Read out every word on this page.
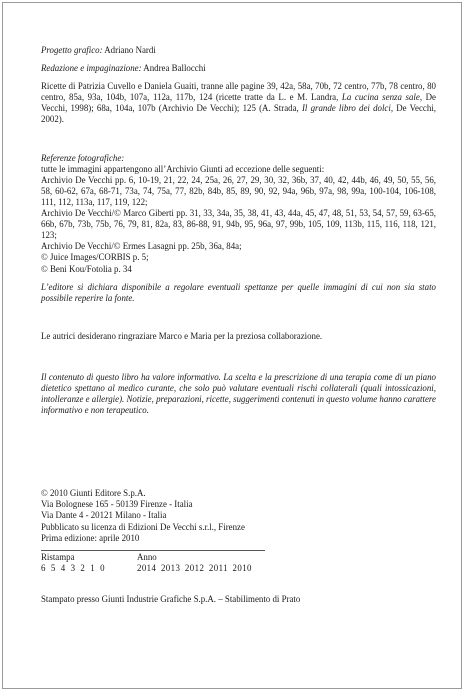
Progetto grafico: Adriano Nardi

Redazione e impaginazione: Andrea Ballocchi

Ricette di Patrizia Cuvello e Daniela Guaiti, tranne alle pagine 39, 42a, 58a, 70b, 72 centro, 77b, 78 centro, 80 centro, 85a, 93a, 104b, 107a, 112a, 117b, 124 (ricette tratte da L. e M. Landra, La cucina senza sale, De Vecchi, 1998); 68a, 104a, 107b (Archivio De Vecchi); 125 (A. Strada, Il grande libro dei dolci, De Vecchi, 2002).

Referenze fotografiche:

tutte le immagini appartengono all’Archivio Giunti ad eccezione delle seguenti:

Archivio De Vecchi pp. 6, 10-19, 21, 22, 24, 25a, 26, 27, 29, 30, 32, 36b, 37, 40, 42, 44b, 46, 49, 50, 55, 56, 58, 60-62, 67a, 68-71, 73a, 74, 75a, 77, 82b, 84b, 85, 89, 90, 92, 94a, 96b, 97a, 98, 99a, 100-104, 106-108, 111, 112, 113a, 117, 119, 122;

Archivio De Vecchi/© Marco Giberti pp. 31, 33, 34a, 35, 38, 41, 43, 44a, 45, 47, 48, 51, 53, 54, 57, 59, 63-65, 66b, 67b, 73b, 75b, 76, 79, 81, 82a, 83, 86-88, 91, 94b, 95, 96a, 97, 99b, 105, 109, 113b, 115, 116, 118, 121, 123;

Archivio De Vecchi/© Ermes Lasagni pp. 25b, 36a, 84a;

© Juice Images/CORBIS p. 5;

© Beni Kou/Fotolia p. 34

L’editore si dichiara disponibile a regolare eventuali spettanze per quelle immagini di cui non sia stato possibile reperire la fonte.

Le autrici desiderano ringraziare Marco e Maria per la preziosa collaborazione.

Il contenuto di questo libro ha valore informativo. La scelta e la prescrizione di una terapia come di un piano dietetico spettano al medico curante, che solo può valutare eventuali rischi collaterali (quali intossicazioni, intolleranze e allergie). Notizie, preparazioni, ricette, suggerimenti contenuti in questo volume hanno carattere informativo e non terapeutico.

© 2010 Giunti Editore S.p.A.

Via Bolognese 165 - 50139 Firenze - Italia

Via Dante 4 - 20121 Milano - Italia

Pubblicato su licenza di Edizioni De Vecchi s.r.l., Firenze

Prima edizione: aprile 2010

Ristampa	Anno
6 5 4 3 2 1 0	2014 2013 2012 2011 2010

Stampato presso Giunti Industrie Grafiche S.p.A. – Stabilimento di Prato
